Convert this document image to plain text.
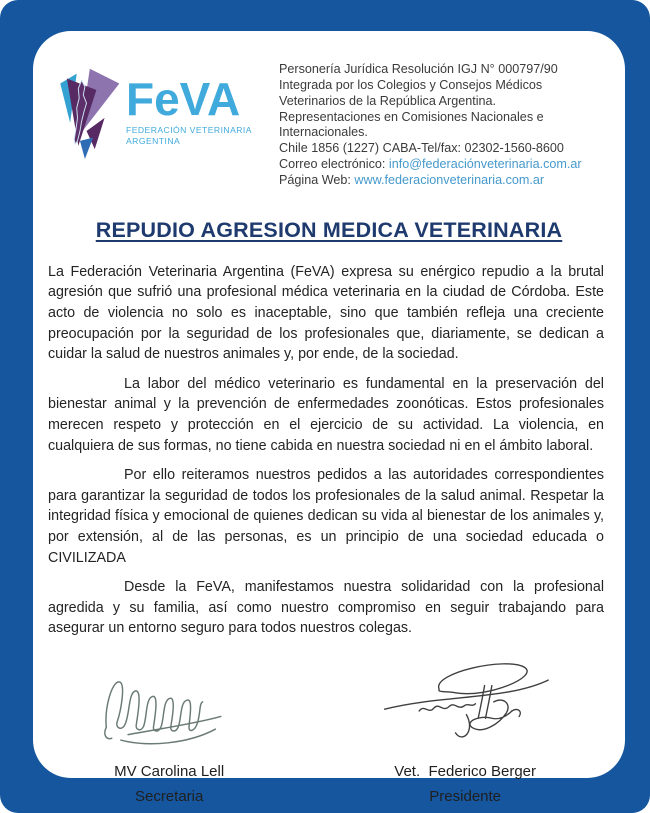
FeVA
FEDERACIÓN VETERINARIA
ARGENTINA
Personería Jurídica Resolución IGJ N° 000797/90
Integrada por los Colegios y Consejos Médicos Veterinarios de la República Argentina.
Representaciones en Comisiones Nacionales e Internacionales.
Chile 1856 (1227) CABA-Tel/fax: 02302-1560-8600
Correo electrónico: info@federaciónveterinaria.com.ar
Página Web: www.federacionveterinaria.com.ar
REPUDIO AGRESION MEDICA VETERINARIA

La Federación Veterinaria Argentina (FeVA) expresa su enérgico repudio a la brutal agresión que sufrió una profesional médica veterinaria en la ciudad de Córdoba. Este acto de violencia no solo es inaceptable, sino que también refleja una creciente preocupación por la seguridad de los profesionales que, diariamente, se dedican a cuidar la salud de nuestros animales y, por ende, de la sociedad.

La labor del médico veterinario es fundamental en la preservación del bienestar animal y la prevención de enfermedades zoonóticas. Estos profesionales merecen respeto y protección en el ejercicio de su actividad. La violencia, en cualquiera de sus formas, no tiene cabida en nuestra sociedad ni en el ámbito laboral.

Por ello reiteramos nuestros pedidos a las autoridades correspondientes para garantizar la seguridad de todos los profesionales de la salud animal. Respetar la integridad física y emocional de quienes dedican su vida al bienestar de los animales y, por extensión, al de las personas, es un principio de una sociedad educada o CIVILIZADA

Desde la FeVA, manifestamos nuestra solidaridad con la profesional agredida y su familia, así como nuestro compromiso en seguir trabajando para asegurar un entorno seguro para todos nuestros colegas.

MV Carolina Lell
Secretaria
Vet.  Federico Berger
Presidente
